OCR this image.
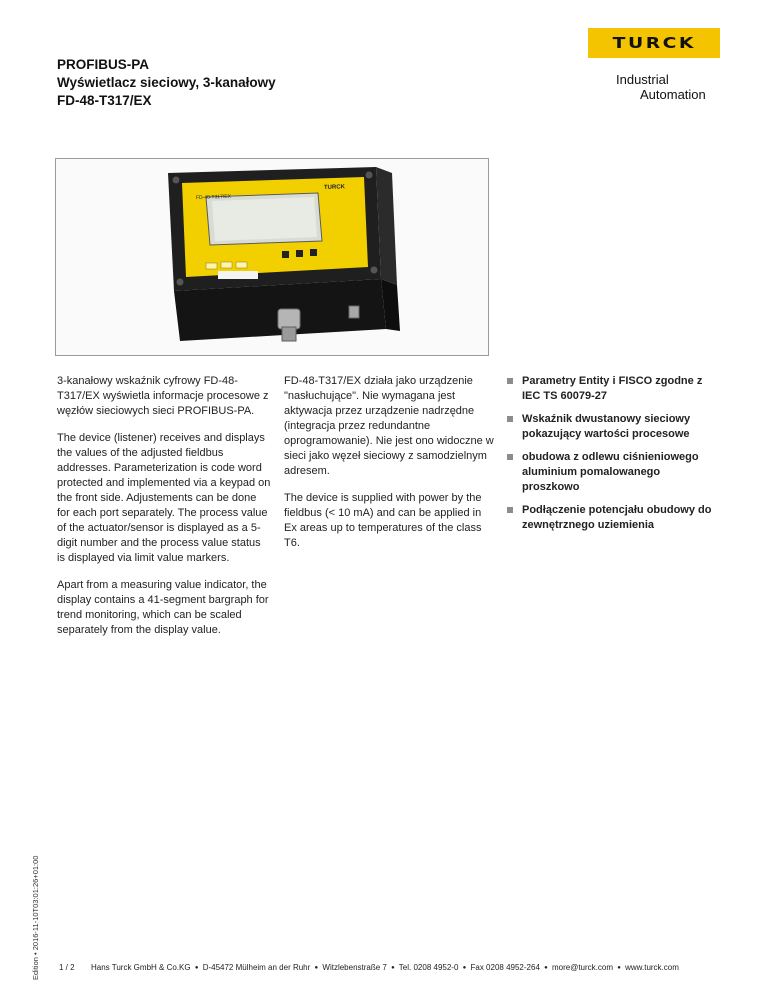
PROFIBUS-PA
Wyświetlacz sieciowy, 3-kanałowy
FD-48-T317/EX
TURCK
Industrial
Automation
FD-48-T317/EX
TURCK

3-kanałowy wskaźnik cyfrowy FD-48-T317/EX wyświetla informacje procesowe z węzłów sieciowych sieci PROFIBUS-PA.

The device (listener) receives and displays the values of the adjusted fieldbus addresses. Parameterization is code word protected and implemented via a keypad on the front side. Adjustements can be done for each port separately. The process value of the actuator/sensor is displayed as a 5-digit number and the process value status is displayed via limit value markers.

Apart from a measuring value indicator, the display contains a 41-segment bargraph for trend monitoring, which can be scaled separately from the display value.

FD-48-T317/EX działa jako urządzenie "nasłuchujące". Nie wymagana jest aktywacja przez urządzenie nadrzędne (integracja przez redundantne oprogramowanie). Nie jest ono widoczne w sieci jako węzeł sieciowy z samodzielnym adresem.

The device is supplied with power by the fieldbus (< 10 mA) and can be applied in Ex areas up to temperatures of the class T6.

Parametry Entity i FISCO zgodne z IEC TS 60079-27
Wskaźnik dwustanowy sieciowy pokazujący wartości procesowe
obudowa z odlewu ciśnieniowego aluminium pomalowanego proszkowo
Podłączenie potencjału obudowy do zewnętrznego uziemienia
Edition • 2016-11-10T03:01:26+01:00 1 / 2 Hans Turck GmbH & Co.KG ● D-45472 Mülheim an der Ruhr ● Witzlebenstraße 7 ● Tel. 0208 4952-0 ● Fax 0208 4952-264 ● more@turck.com ● www.turck.com
